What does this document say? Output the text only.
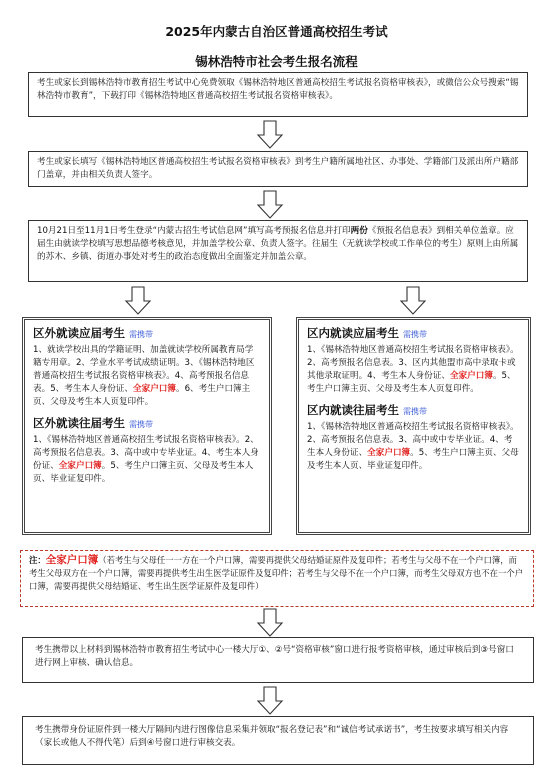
2025年内蒙古自治区普通高校招生考试
锡林浩特市社会考生报名流程
考生或家长到锡林浩特市教育招生考试中心免费领取《锡林浩特地区普通高校招生考试报名资格审核表》，或微信公众号搜索“锡林浩特市教育”，下载打印《锡林浩特地区普通高校招生考试报名资格审核表》。
考生或家长填写《锡林浩特地区普通高校招生考试报名资格审核表》到考生户籍所属地社区、办事处、学籍部门及派出所户籍部门盖章，并由相关负责人签字。
10月21日至11月1日考生登录“内蒙古招生考试信息网”填写高考预报名信息并打印两份《预报名信息表》到相关单位盖章。应届生由就读学校填写思想品德考核意见，并加盖学校公章、负责人签字。往届生（无就读学校或工作单位的考生）原则上由所属的苏木、乡镇、街道办事处对考生的政治态度做出全面鉴定并加盖公章。
区外就读应届考生 需携带
1、就读学校出具的学籍证明、加盖就读学校所属教育局学籍专用章。2、学业水平考试成绩证明。3、《锡林浩特地区普通高校招生考试报名资格审核表》。4、高考预报名信息表。5、考生本人身份证、全家户口簿。6、考生户口簿主页、父母及考生本人页复印件。
区外就读往届考生 需携带
1、《锡林浩特地区普通高校招生考试报名资格审核表》。2、高考预报名信息表。3、高中或中专毕业证。4、考生本人身份证、全家户口簿。5、考生户口簿主页、父母及考生本人页、毕业证复印件。
区内就读应届考生 需携带
1、《锡林浩特地区普通高校招生考试报名资格审核表》。2、高考预报名信息表。3、区内其他盟市高中录取卡或其他录取证明。4、考生本人身份证、全家户口簿。5、考生户口簿主页、父母及考生本人页复印件。
区内就读往届考生 需携带
1、《锡林浩特地区普通高校招生考试报名资格审核表》。2、高考预报名信息表。3、高中或中专毕业证。4、考生本人身份证、全家户口簿。5、考生户口簿主页、父母及考生本人页、毕业证复印件。
注：全家户口簿（若考生与父母任一一方在一个户口簿，需要再提供父母结婚证原件及复印件；若考生与父母不在一个户口簿，而考生父母双方在一个户口簿，需要再提供考生出生医学证原件及复印件；若考生与父母不在一个户口簿，而考生父母双方也不在一个户口簿，需要再提供父母结婚证、考生出生医学证原件及复印件）
考生携带以上材料到锡林浩特市教育招生考试中心一楼大厅①、②号“资格审核”窗口进行报考资格审核，通过审核后到③号窗口进行网上审核、确认信息。
考生携带身份证原件到一楼大厅隔间内进行图像信息采集并领取“报名登记表”和“诚信考试承诺书”，考生按要求填写相关内容（家长或他人不得代笔）后到④号窗口进行审核交表。
